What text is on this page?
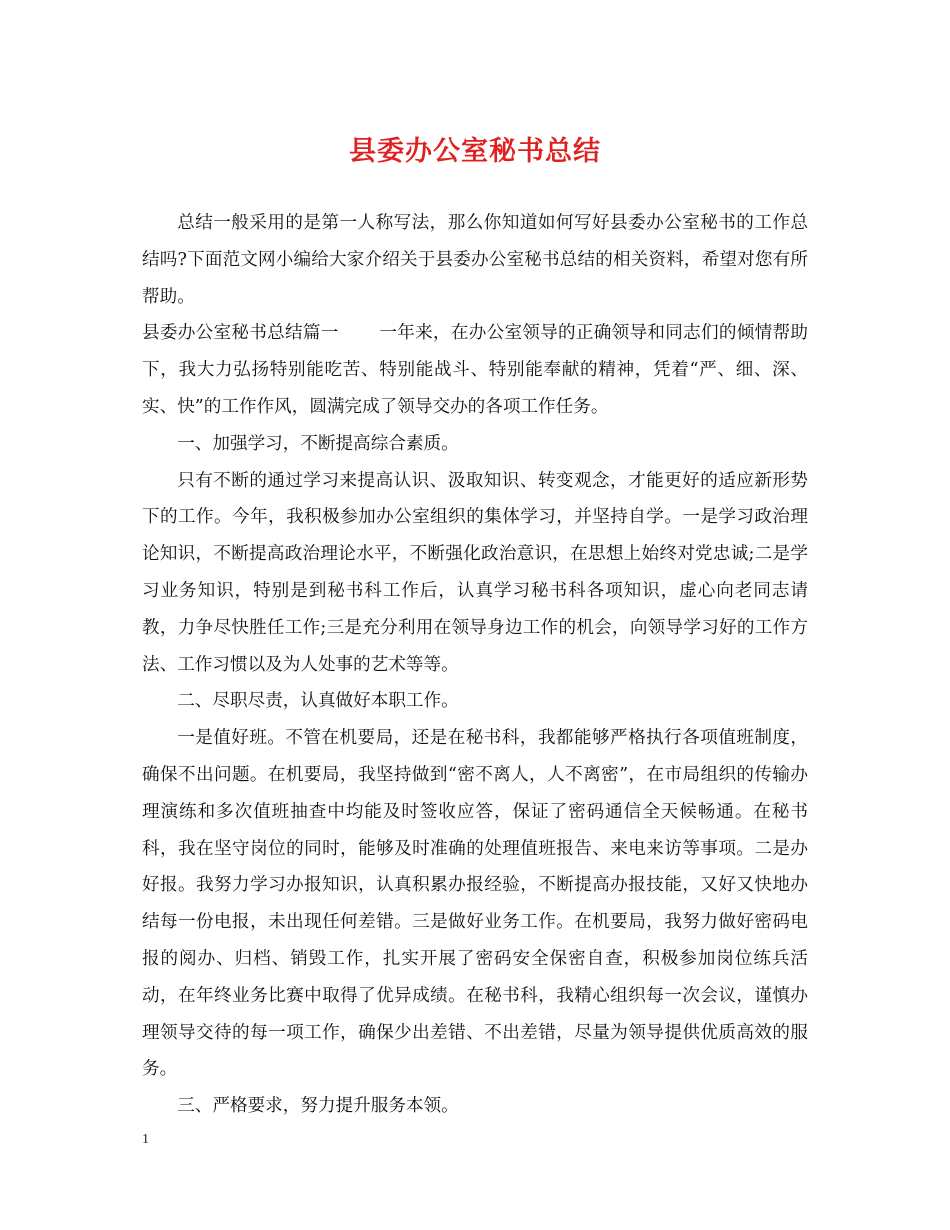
县委办公室秘书总结

总结一般采用的是第一人称写法，那么你知道如何写好县委办公室秘书的工作总结吗?下面范文网小编给大家介绍关于县委办公室秘书总结的相关资料，希望对您有所帮助。

县委办公室秘书总结篇一 一年来，在办公室领导的正确领导和同志们的倾情帮助下，我大力弘扬特别能吃苦、特别能战斗、特别能奉献的精神，凭着“严、细、深、实、快”的工作作风，圆满完成了领导交办的各项工作任务。

一、加强学习，不断提高综合素质。

只有不断的通过学习来提高认识、汲取知识、转变观念，才能更好的适应新形势下的工作。今年，我积极参加办公室组织的集体学习，并坚持自学。一是学习政治理论知识，不断提高政治理论水平，不断强化政治意识，在思想上始终对党忠诚;二是学习业务知识，特别是到秘书科工作后，认真学习秘书科各项知识，虚心向老同志请教，力争尽快胜任工作;三是充分利用在领导身边工作的机会，向领导学习好的工作方法、工作习惯以及为人处事的艺术等等。

二、尽职尽责，认真做好本职工作。

一是值好班。不管在机要局，还是在秘书科，我都能够严格执行各项值班制度，确保不出问题。在机要局，我坚持做到“密不离人，人不离密”，在市局组织的传输办理演练和多次值班抽查中均能及时签收应答，保证了密码通信全天候畅通。在秘书科，我在坚守岗位的同时，能够及时准确的处理值班报告、来电来访等事项。二是办好报。我努力学习办报知识，认真积累办报经验，不断提高办报技能，又好又快地办结每一份电报，未出现任何差错。三是做好业务工作。在机要局，我努力做好密码电报的阅办、归档、销毁工作，扎实开展了密码安全保密自查，积极参加岗位练兵活动，在年终业务比赛中取得了优异成绩。在秘书科，我精心组织每一次会议，谨慎办理领导交待的每一项工作，确保少出差错、不出差错，尽量为领导提供优质高效的服务。

三、严格要求，努力提升服务本领。

1
